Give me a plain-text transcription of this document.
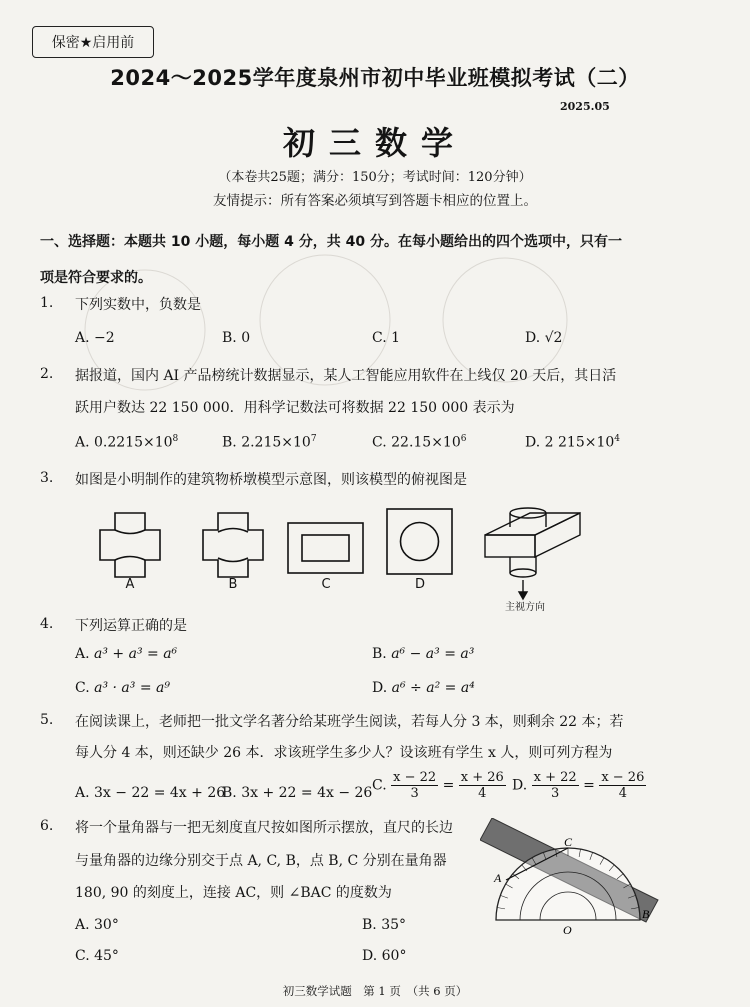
保密★启用前
2024～2025学年度泉州市初中毕业班模拟考试（二）
2025.05
初三数学
（本卷共25题；满分：150分；考试时间：120分钟）
友情提示：所有答案必须填写到答题卡相应的位置上。
一、选择题：本题共 10 小题，每小题 4 分，共 40 分。在每小题给出的四个选项中，只有一
项是符合要求的。
1. 下列实数中，负数是
A. −2	B. 0	C. 1	D. √2
2. 据报道，国内 AI 产品榜统计数据显示，某人工智能应用软件在上线仅 20 天后，其日活
跃用户数达 22 150 000．用科学记数法可将数据 22 150 000 表示为
A. $0.2215\times 10^8$	B. $2.215\times 10^7$	C. $22.15\times 10^6$	D. 2 $215\times 10^4$
3. 如图是小明制作的建筑物桥墩模型示意图，则该模型的俯视图是
A	B	C	D
主视方向
4. 下列运算正确的是
A. a³ + a³ = a⁶	B. a⁶ − a³ = a³
C. a³ · a³ = a⁹	D. a⁶ ÷ a² = a⁴
5. 在阅读课上，老师把一批文学名著分给某班学生阅读，若每人分 3 本，则剩余 22 本；若
每人分 4 本，则还缺少 26 本．求该班学生多少人？设该班有学生 x 人，则可列方程为
A. 3x − 22 = 4x + 26
B. 3x + 22 = 4x − 26 C. $\frac{x - 22}{3} = \frac{x + 26}{4} D$. $\frac{x + 22}{3} = \frac{x - 26}{4}$
6. 将一个量角器与一把无刻度直尺按如图所示摆放，直尺的长边
与量角器的边缘分别交于点 A, C, B，点 B, C 分别在量角器
180, 90 的刻度上，连接 AC，则 ∠BAC 的度数为
A. 30°	B. 35°
C. 45°	D. 60°
A
C
B
O
初三数学试题　第 1 页　（共 6 页）
